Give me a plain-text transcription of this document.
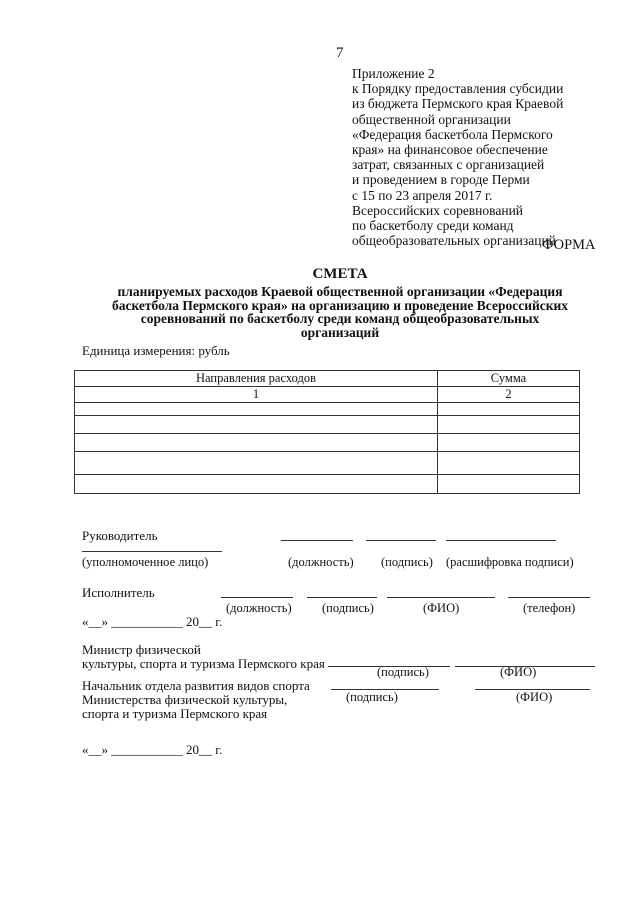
7
Приложение 2
к Порядку предоставления субсидии
из бюджета Пермского края Краевой
общественной организации
«Федерация баскетбола Пермского
края» на финансовое обеспечение
затрат, связанных с организацией
и проведением в городе Перми
с 15 по 23 апреля 2017 г.
Всероссийских соревнований
по баскетболу среди команд
общеобразовательных организаций
ФОРМА
СМЕТА
планируемых расходов Краевой общественной организации «Федерация
баскетбола Пермского края» на организацию и проведение Всероссийских
соревнований по баскетболу среди команд общеобразовательных
организаций
Единица измерения: рубль
Направления расходов	Сумма
1	2

Руководитель
(уполномоченное лицо)	(должность) (подпись) (расшифровка подписи)
Исполнитель
(должность) (подпись)	(ФИО)	(телефон)
«__» ___________ 20__ г.
Министр физической
культуры, спорта и туризма Пермского края
(подпись)	(ФИО)
Начальник отдела развития видов спорта
Министерства физической культуры,
спорта и туризма Пермского края
(подпись)	(ФИО)
«__» ___________ 20__ г.
